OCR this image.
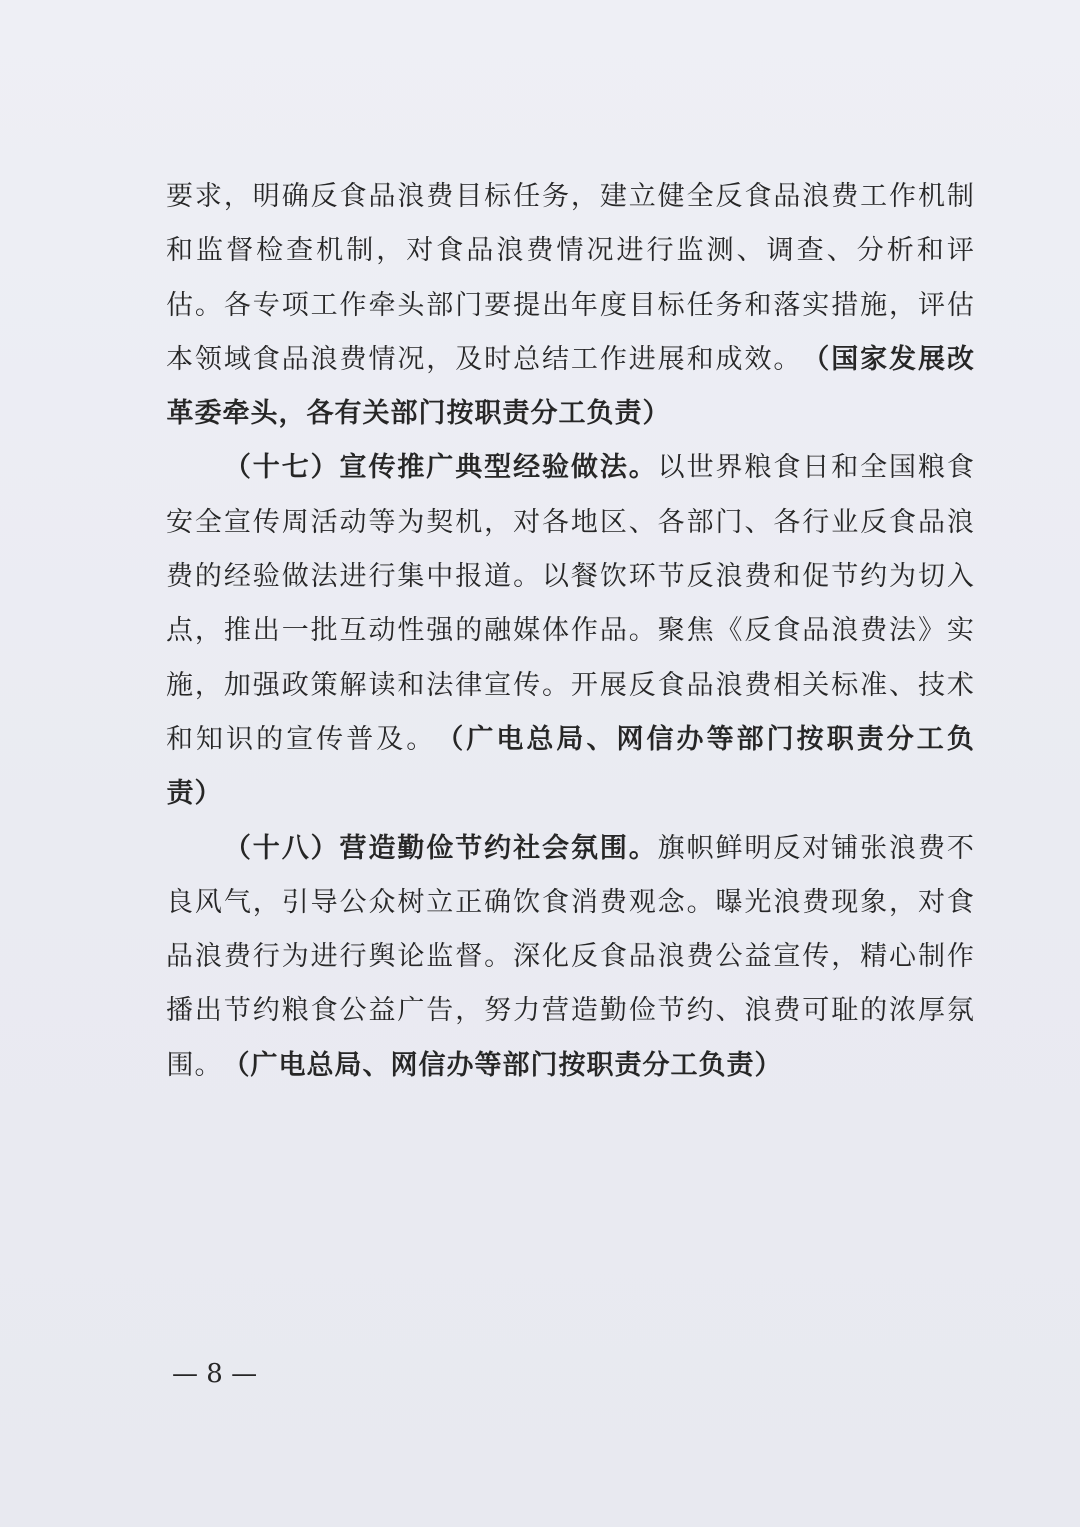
要 求 ， 明 确 反 食 品 浪 费 目 标 任 务 ， 建 立 健 全 反 食 品 浪 费 工 作 机 制
和 监 督 检 查 机 制 ， 对 食 品 浪 费 情 况 进 行 监 测 、 调 查 、 分 析 和 评
估 。 各 专 项 工 作 牵 头 部 门 要 提 出 年 度 目 标 任 务 和 落 实 措 施 ， 评 估
本 领 域 食 品 浪 费 情 况 ， 及 时 总 结 工 作 进 展 和 成 效 。 （ 国 家 发 展 改
革 委 牵 头 ， 各 有 关 部 门 按 职 责 分 工 负 责 ）

（ 十 七 ） 宣 传 推 广 典 型 经 验 做 法 。 以 世 界 粮 食 日 和 全 国 粮 食
安 全 宣 传 周 活 动 等 为 契 机 ， 对 各 地 区 、 各 部 门 、 各 行 业 反 食 品 浪
费 的 经 验 做 法 进 行 集 中 报 道 。 以 餐 饮 环 节 反 浪 费 和 促 节 约 为 切 入
点 ， 推 出 一 批 互 动 性 强 的 融 媒 体 作 品 。 聚 焦 《 反 食 品 浪 费 法 》 实
施 ， 加 强 政 策 解 读 和 法 律 宣 传 。 开 展 反 食 品 浪 费 相 关 标 准 、 技 术
和 知 识 的 宣 传 普 及 。 （ 广 电 总 局 、 网 信 办 等 部 门 按 职 责 分 工 负
责 ）

（ 十 八 ） 营 造 勤 俭 节 约 社 会 氛 围 。 旗 帜 鲜 明 反 对 铺 张 浪 费 不
良 风 气 ， 引 导 公 众 树 立 正 确 饮 食 消 费 观 念 。 曝 光 浪 费 现 象 ， 对 食
品 浪 费 行 为 进 行 舆 论 监 督 。 深 化 反 食 品 浪 费 公 益 宣 传 ， 精 心 制 作
播 出 节 约 粮 食 公 益 广 告 ， 努 力 营 造 勤 俭 节 约 、 浪 费 可 耻 的 浓 厚 氛
围 。 （ 广 电 总 局 、 网 信 办 等 部 门 按 职 责 分 工 负 责 ）
— 8 —
